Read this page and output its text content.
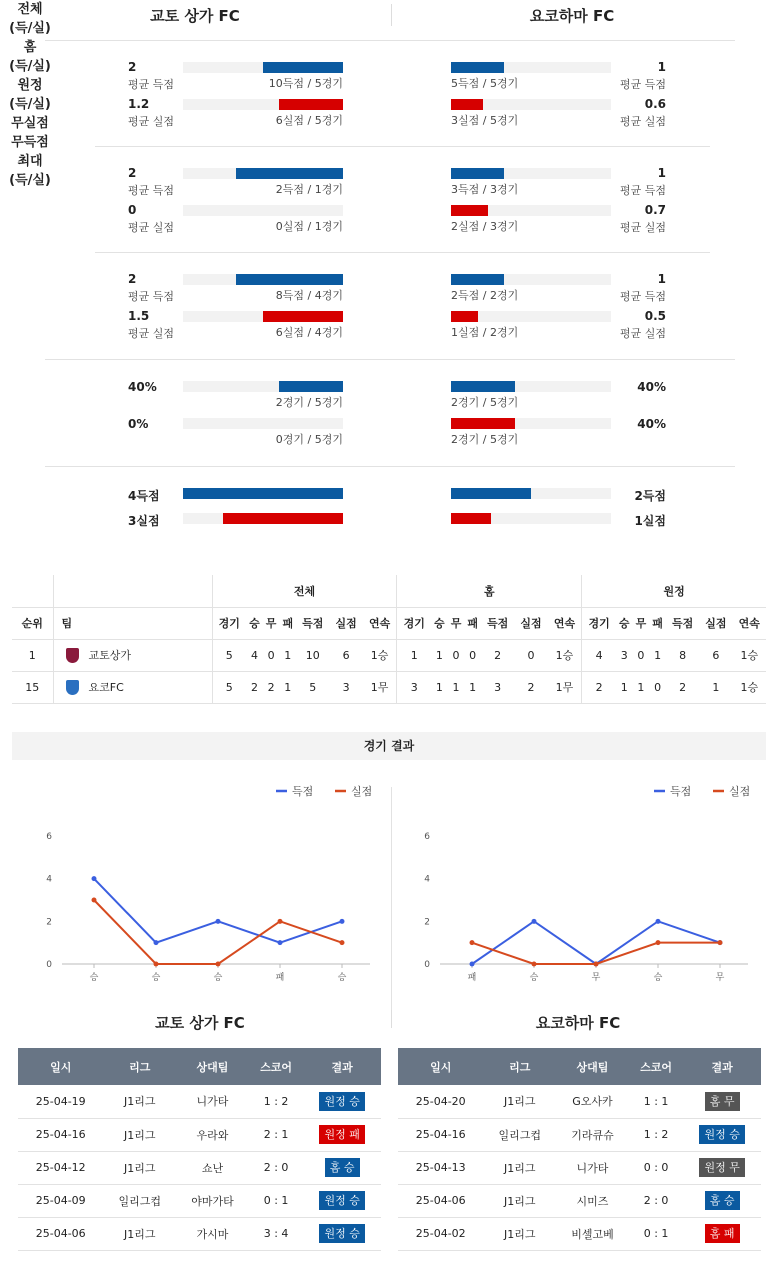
교토 상가 FC	요코하마 FC
전체
(득/실)
2
평균 득점	10득점 / 5경기	5득점 / 5경기
1
평균 득점
1.2
평균 실점	6실점 / 5경기	3실점 / 5경기
0.6
평균 실점
홈
(득/실)
2
평균 득점	2득점 / 1경기	3득점 / 3경기
1
평균 득점
0
평균 실점	0실점 / 1경기	2실점 / 3경기
0.7
평균 실점
원정
(득/실)
2
평균 득점	8득점 / 4경기	2득점 / 2경기
1
평균 득점
1.5
평균 실점	6실점 / 4경기	1실점 / 2경기
0.5
평균 실점
40%
2경기 / 5경기
무실점
2경기 / 5경기
40%
0%
0경기 / 5경기
무득점
2경기 / 5경기
40%
최대
(득/실)
4득점	2득점
3실점	1실점
		전체							홈							원정						
순위	팀	경기	승	무	패	득점	실점	연속	경기	승	무	패	득점	실점	연속	경기	승	무	패	득점	실점	연속
1	교토상가	5	4	0	1	10	6	1승	1	1	0	0	2	0	1승	4	3	0	1	8	6	1승
15	요코FC	5	2	2	1	5	3	1무	3	1	1	1	3	2	1무	2	1	1	0	2	1	1승
경기 결과
0
2
4
6
승	승	승	패	승
득점	실점
0
2
4
6
패	승	무	승	무
득점	실점
교토 상가 FC	요코하마 FC
일시	리그	상대팀	스코어	결과
25-04-19	J1리그	니가타	1 : 2	원정 승
25-04-16	J1리그	우라와	2 : 1	원정 패
25-04-12	J1리그	쇼난	2 : 0	홈 승
25-04-09	일리그컵	야마가타	0 : 1	원정 승
25-04-06	J1리그	가시마	3 : 4	원정 승
일시	리그	상대팀	스코어	결과
25-04-20	J1리그	G오사카	1 : 1	홈 무
25-04-16	일리그컵	기라큐슈	1 : 2	원정 승
25-04-13	J1리그	니가타	0 : 0	원정 무
25-04-06	J1리그	시미즈	2 : 0	홈 승
25-04-02	J1리그	비셀고베	0 : 1	홈 패
